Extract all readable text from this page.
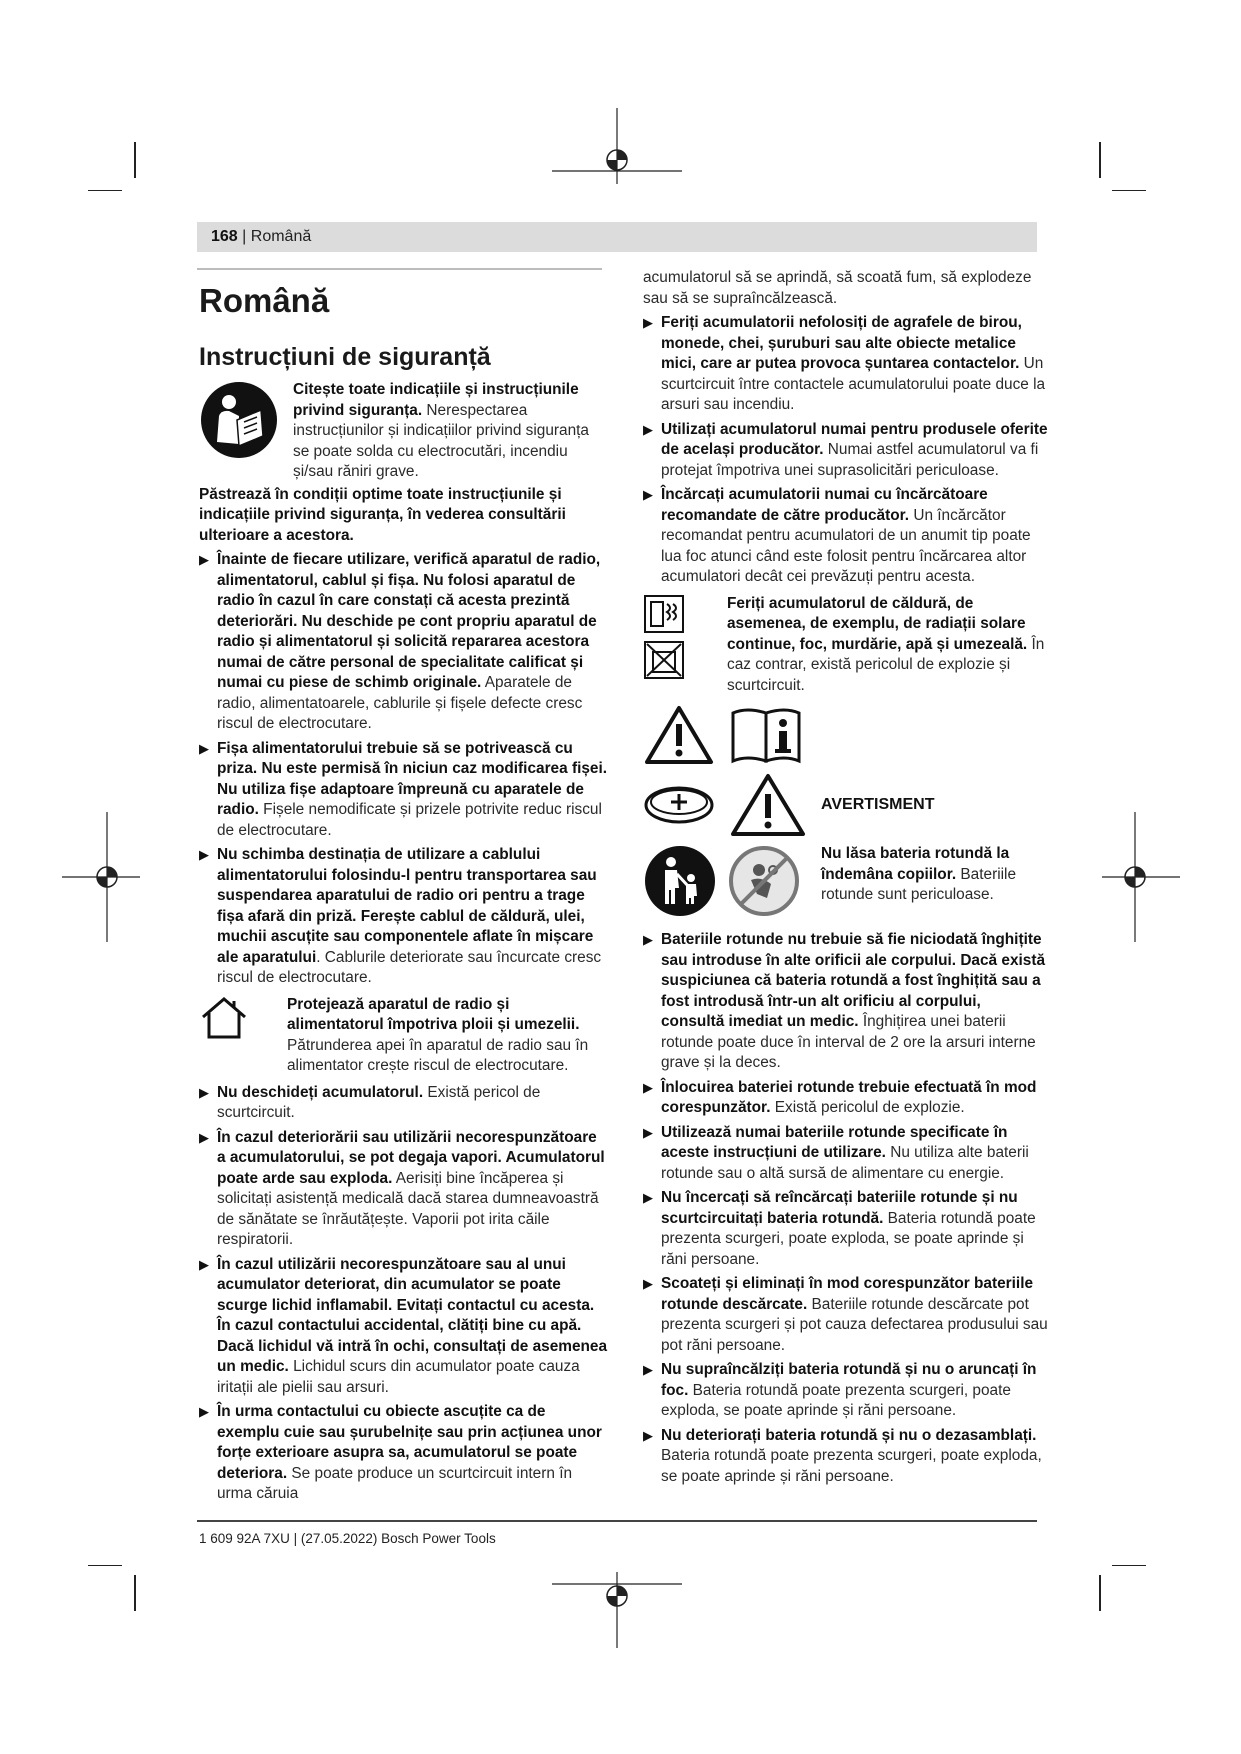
168 | Română
Română
Instrucțiuni de siguranță
Citește toate indicațiile și instrucțiunile privind siguranța. Nerespectarea instrucțiunilor și indicațiilor privind siguranța se poate solda cu electrocutări, incendiu și/sau răniri grave.

Păstrează în condiții optime toate instrucțiunile și indicațiile privind siguranța, în vederea consultării ulterioare a acestora.

▶ Înainte de fiecare utilizare, verifică aparatul de radio, alimentatorul, cablul și fișa. Nu folosi aparatul de radio în cazul în care constați că acesta prezintă deteriorări. Nu deschide pe cont propriu aparatul de radio și alimentatorul și solicită repararea acestora numai de către personal de specialitate calificat și numai cu piese de schimb originale. Aparatele de radio, alimentatoarele, cablurile și fișele defecte cresc riscul de electrocutare.
▶ Fișa alimentatorului trebuie să se potrivească cu priza. Nu este permisă în niciun caz modificarea fișei. Nu utiliza fișe adaptoare împreună cu aparatele de radio. Fișele nemodificate și prizele potrivite reduc riscul de electrocutare.
▶ Nu schimba destinația de utilizare a cablului alimentatorului folosindu-l pentru transportarea sau suspendarea aparatului de radio ori pentru a trage fișa afară din priză. Ferește cablul de căldură, ulei, muchii ascuțite sau componentele aflate în mișcare ale aparatului. Cablurile deteriorate sau încurcate cresc riscul de electrocutare.
Protejează aparatul de radio și alimentatorul împotriva ploii și umezelii. Pătrunderea apei în aparatul de radio sau în alimentator crește riscul de electrocutare.
▶ Nu deschideți acumulatorul. Există pericol de scurtcircuit.
▶ În cazul deteriorării sau utilizării necorespunzătoare a acumulatorului, se pot degaja vapori. Acumulatorul poate arde sau exploda. Aerisiți bine încăperea și solicitați asistență medicală dacă starea dumneavoastră de sănătate se înrăutățește. Vaporii pot irita căile respiratorii.
▶ În cazul utilizării necorespunzătoare sau al unui acumulator deteriorat, din acumulator se poate scurge lichid inflamabil. Evitați contactul cu acesta. În cazul contactului accidental, clătiți bine cu apă. Dacă lichidul vă intră în ochi, consultați de asemenea un medic. Lichidul scurs din acumulator poate cauza iritații ale pielii sau arsuri.
▶ În urma contactului cu obiecte ascuțite ca de exemplu cuie sau șurubelnițe sau prin acțiunea unor forțe exterioare asupra sa, acumulatorul se poate deteriora. Se poate produce un scurtcircuit intern în urma căruia

acumulatorul să se aprindă, să scoată fum, să explodeze sau să se supraîncălzească.

▶ Feriți acumulatorii nefolosiți de agrafele de birou, monede, chei, șuruburi sau alte obiecte metalice mici, care ar putea provoca șuntarea contactelor. Un scurtcircuit între contactele acumulatorului poate duce la arsuri sau incendiu.
▶ Utilizați acumulatorul numai pentru produsele oferite de același producător. Numai astfel acumulatorul va fi protejat împotriva unei suprasolicitări periculoase.
▶ Încărcați acumulatorii numai cu încărcătoare recomandate de către producător. Un încărcător recomandat pentru acumulatori de un anumit tip poate lua foc atunci când este folosit pentru încărcarea altor acumulatori decât cei prevăzuți pentru acesta.
Feriți acumulatorul de căldură, de asemenea, de exemplu, de radiații solare continue, foc, murdărie, apă și umezeală. În caz contrar, există pericolul de explozie și scurtcircuit.
AVERTISMENT
Nu lăsa bateria rotundă la îndemâna copiilor. Bateriile rotunde sunt periculoase.
▶ Bateriile rotunde nu trebuie să fie niciodată înghițite sau introduse în alte orificii ale corpului. Dacă există suspiciunea că bateria rotundă a fost înghițită sau a fost introdusă într-un alt orificiu al corpului, consultă imediat un medic. Înghițirea unei baterii rotunde poate duce în interval de 2 ore la arsuri interne grave și la deces.
▶ Înlocuirea bateriei rotunde trebuie efectuată în mod corespunzător. Există pericolul de explozie.
▶ Utilizează numai bateriile rotunde specificate în aceste instrucțiuni de utilizare. Nu utiliza alte baterii rotunde sau o altă sursă de alimentare cu energie.
▶ Nu încercați să reîncărcați bateriile rotunde și nu scurtcircuitați bateria rotundă. Bateria rotundă poate prezenta scurgeri, poate exploda, se poate aprinde și răni persoane.
▶ Scoateți și eliminați în mod corespunzător bateriile rotunde descărcate. Bateriile rotunde descărcate pot prezenta scurgeri și pot cauza defectarea produsului sau pot răni persoane.
▶ Nu supraîncălziți bateria rotundă și nu o aruncați în foc. Bateria rotundă poate prezenta scurgeri, poate exploda, se poate aprinde și răni persoane.
▶ Nu deteriorați bateria rotundă și nu o dezasamblați. Bateria rotundă poate prezenta scurgeri, poate exploda, se poate aprinde și răni persoane.
1 609 92A 7XU | (27.05.2022) Bosch Power Tools
